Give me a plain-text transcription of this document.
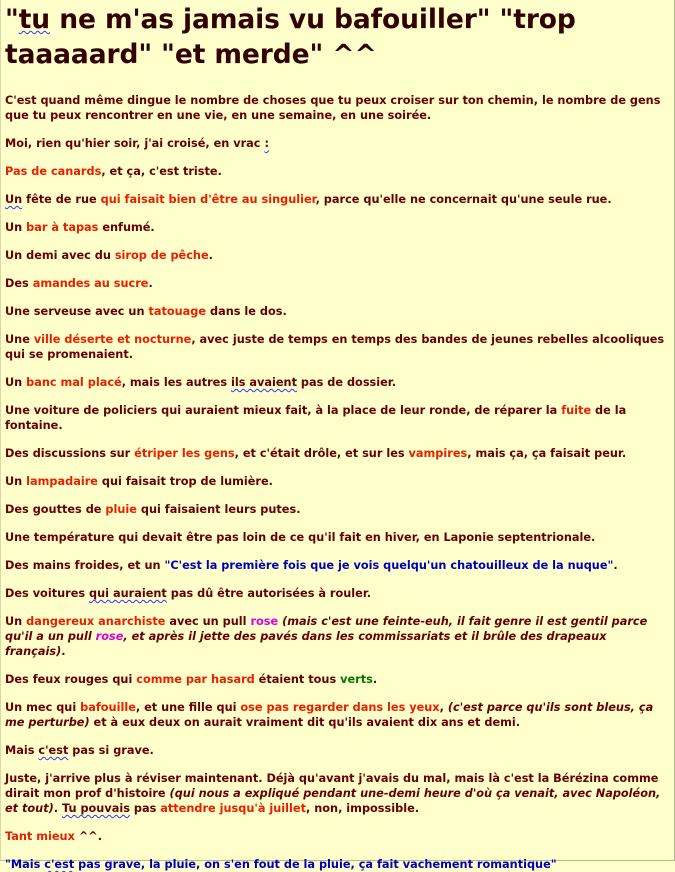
"tu ne m'as jamais vu bafouiller" "trop taaaaard" "et merde" ^^

C'est quand même dingue le nombre de choses que tu peux croiser sur ton chemin, le nombre de gens que tu peux rencontrer en une vie, en une semaine, en une soirée.

Moi, rien qu'hier soir, j'ai croisé, en vrac :

Pas de canards, et ça, c'est triste.

Un fête de rue qui faisait bien d'être au singulier, parce qu'elle ne concernait qu'une seule rue.

Un bar à tapas enfumé.

Un demi avec du sirop de pêche.

Des amandes au sucre.

Une serveuse avec un tatouage dans le dos.

Une ville déserte et nocturne, avec juste de temps en temps des bandes de jeunes rebelles alcooliques qui se promenaient.

Un banc mal placé, mais les autres ils avaient pas de dossier.

Une voiture de policiers qui auraient mieux fait, à la place de leur ronde, de réparer la fuite de la fontaine.

Des discussions sur étriper les gens, et c'était drôle, et sur les vampires, mais ça, ça faisait peur.

Un lampadaire qui faisait trop de lumière.

Des gouttes de pluie qui faisaient leurs putes.

Une température qui devait être pas loin de ce qu'il fait en hiver, en Laponie septentrionale.

Des mains froides, et un "C'est la première fois que je vois quelqu'un chatouilleux de la nuque".

Des voitures qui auraient pas dû être autorisées à rouler.

Un dangereux anarchiste avec un pull rose (mais c'est une feinte-euh, il fait genre il est gentil parce qu'il a un pull rose, et après il jette des pavés dans les commissariats et il brûle des drapeaux français).

Des feux rouges qui comme par hasard étaient tous verts.

Un mec qui bafouille, et une fille qui ose pas regarder dans les yeux, (c'est parce qu'ils sont bleus, ça me perturbe) et à eux deux on aurait vraiment dit qu'ils avaient dix ans et demi.

Mais c'est pas si grave.

Juste, j'arrive plus à réviser maintenant. Déjà qu'avant j'avais du mal, mais là c'est la Bérézina comme dirait mon prof d'histoire (qui nous a expliqué pendant une-demi heure d'où ça venait, avec Napoléon, et tout). Tu pouvais pas attendre jusqu'à juillet, non, impossible.

Tant mieux ^^.

"Mais c'est pas grave, la pluie, on s'en fout de la pluie, ça fait vachement romantique"
